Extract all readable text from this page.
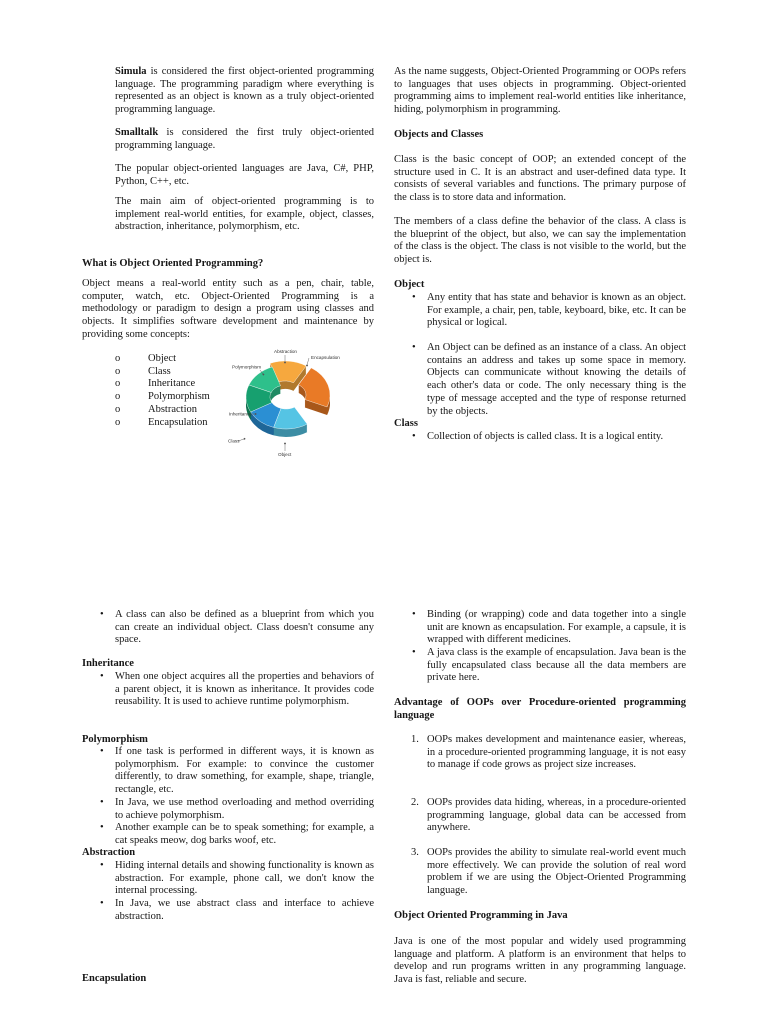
Simula is considered the first object-oriented programming language. The programming paradigm where everything is represented as an object is known as a truly object-oriented programming language.

Smalltalk is considered the first truly object-oriented programming language.

The popular object-oriented languages are Java, C#, PHP, Python, C++, etc.

The main aim of object-oriented programming is to implement real-world entities, for example, object, classes, abstraction, inheritance, polymorphism, etc.

What is Object Oriented Programming?

Object means a real-world entity such as a pen, chair, table, computer, watch, etc. Object-Oriented Programming is a methodology or paradigm to design a program using classes and objects. It simplifies software development and maintenance by providing some concepts:

o	Object
o	Class
o	Inheritance
o	Polymorphism
o	Abstraction
o	Encapsulation
Abstraction
Encapsulation
Polymorphism
Inheritance
Class
Object

As the name suggests, Object-Oriented Programming or OOPs refers to languages that uses objects in programming. Object-oriented programming aims to implement real-world entities like inheritance, hiding, polymorphism in programming.

Objects and Classes

Class is the basic concept of OOP; an extended concept of the structure used in C. It is an abstract and user-defined data type. It consists of several variables and functions. The primary purpose of the class is to store data and information.

The members of a class define the behavior of the class. A class is the blueprint of the object, but also, we can say the implementation of the class is the object. The class is not visible to the world, but the object is.

Object
•	Any entity that has state and behavior is known as an object. For example, a chair, pen, table, keyboard, bike, etc. It can be physical or logical.
•	An Object can be defined as an instance of a class. An object contains an address and takes up some space in memory. Objects can communicate without knowing the details of each other's data or code. The only necessary thing is the type of message accepted and the type of response returned by the objects.
Class
•	Collection of objects is called class. It is a logical entity.
•	A class can also be defined as a blueprint from which you can create an individual object. Class doesn't consume any space.
Inheritance
•	When one object acquires all the properties and behaviors of a parent object, it is known as inheritance. It provides code reusability. It is used to achieve runtime polymorphism.
Polymorphism
•	If one task is performed in different ways, it is known as polymorphism. For example: to convince the customer differently, to draw something, for example, shape, triangle, rectangle, etc.
•	In Java, we use method overloading and method overriding to achieve polymorphism.
•	Another example can be to speak something; for example, a cat speaks meow, dog barks woof, etc.
Abstraction
•	Hiding internal details and showing functionality is known as abstraction. For example, phone call, we don't know the internal processing.
•	In Java, we use abstract class and interface to achieve abstraction.
Encapsulation
•	Binding (or wrapping) code and data together into a single unit are known as encapsulation. For example, a capsule, it is wrapped with different medicines.
•	A java class is the example of encapsulation. Java bean is the fully encapsulated class because all the data members are private here.
Advantage of OOPs over Procedure-oriented programming language
1. OOPs makes development and maintenance easier, whereas, in a procedure-oriented programming language, it is not easy to manage if code grows as project size increases.
2. OOPs provides data hiding, whereas, in a procedure-oriented programming language, global data can be accessed from anywhere.
3. OOPs provides the ability to simulate real-world event much more effectively. We can provide the solution of real word problem if we are using the Object-Oriented Programming language.
Object Oriented Programming in Java

Java is one of the most popular and widely used programming language and platform. A platform is an environment that helps to develop and run programs written in any programming language. Java is fast, reliable and secure.
